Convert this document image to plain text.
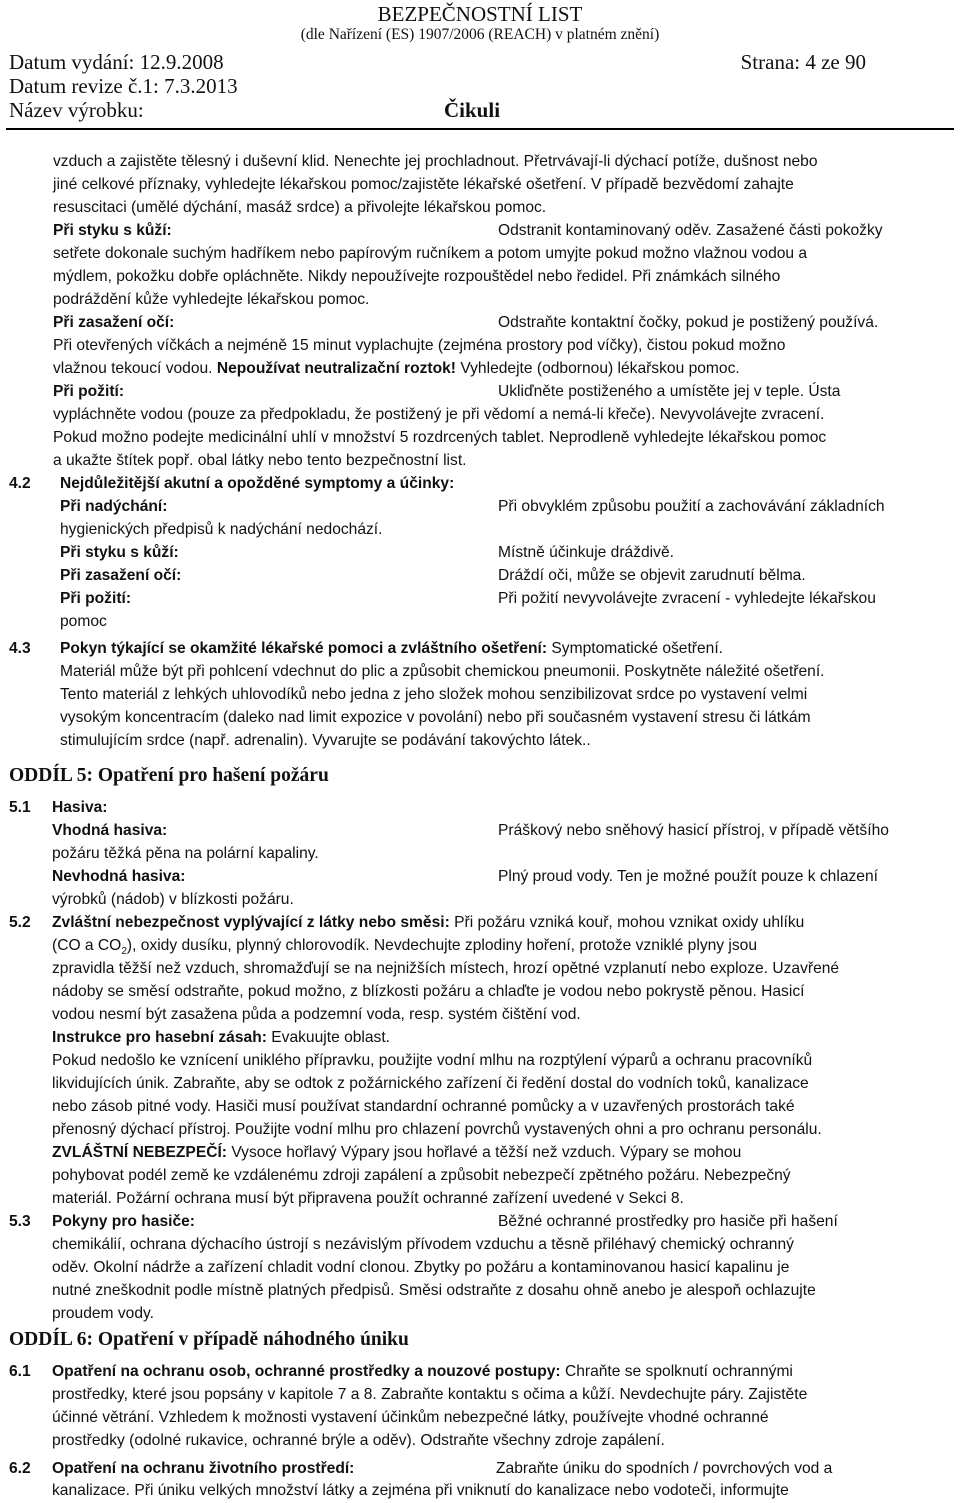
BEZPEČNOSTNÍ LIST
(dle Nařízení (ES) 1907/2006 (REACH) v platném znění)
Datum vydání: 12.9.2008	Strana: 4 ze 90
Datum revize č.1: 7.3.2013
Název výrobku:	Čikuli
vzduch a zajistěte tělesný i duševní klid. Nenechte jej prochladnout. Přetrvávají-li dýchací potíže, dušnost nebo
jiné celkové příznaky, vyhledejte lékařskou pomoc/zajistěte lékařské ošetření. V případě bezvědomí zahajte
resuscitaci (umělé dýchání, masáž srdce) a přivolejte lékařskou pomoc.
Při styku s kůží:	Odstranit kontaminovaný oděv. Zasažené části pokožky
setřete dokonale suchým hadříkem nebo papírovým ručníkem a potom umyjte pokud možno vlažnou vodou a
mýdlem, pokožku dobře opláchněte. Nikdy nepoužívejte rozpouštědel nebo ředidel. Při známkách silného
podráždění kůže vyhledejte lékařskou pomoc.
Při zasažení očí:	Odstraňte kontaktní čočky, pokud je postižený používá.
Při otevřených víčkách a nejméně 15 minut vyplachujte (zejména prostory pod víčky), čistou pokud možno
vlažnou tekoucí vodou. Nepoužívat neutralizační roztok! Vyhledejte (odbornou) lékařskou pomoc.
Při požití:	Ukliďněte postiženého a umístěte jej v teple. Ústa
vypláchněte vodou (pouze za předpokladu, že postižený je při vědomí a nemá-li křeče). Nevyvolávejte zvracení.
Pokud možno podejte medicinální uhlí v množství 5 rozdrcených tablet. Neprodleně vyhledejte lékařskou pomoc
a ukažte štítek popř. obal látky nebo tento bezpečnostní list.
4.2 Nejdůležitější akutní a opožděné symptomy a účinky:
Při nadýchání:	Při obvyklém způsobu použití a zachovávání základních
hygienických předpisů k nadýchání nedochází.
Při styku s kůží:	Místně účinkuje dráždivě.
Při zasažení očí:	Dráždí oči, může se objevit zarudnutí bělma.
Při požití:	Při požití nevyvolávejte zvracení - vyhledejte lékařskou
pomoc
4.3 Pokyn týkající se okamžité lékařské pomoci a zvláštního ošetření: Symptomatické ošetření.
Materiál může být při pohlcení vdechnut do plic a způsobit chemickou pneumonii. Poskytněte náležité ošetření.
Tento materiál z lehkých uhlovodíků nebo jedna z jeho složek mohou senzibilizovat srdce po vystavení velmi
vysokým koncentracím (daleko nad limit expozice v povolání) nebo při současném vystavení stresu či látkám
stimulujícím srdce (např. adrenalin). Vyvarujte se podávání takovýchto látek..
ODDÍL 5: Opatření pro hašení požáru
5.1 Hasiva:
Vhodná hasiva:	Práškový nebo sněhový hasicí přístroj, v případě většího
požáru těžká pěna na polární kapaliny.
Nevhodná hasiva:	Plný proud vody. Ten je možné použít pouze k chlazení
výrobků (nádob) v blízkosti požáru.
5.2 Zvláštní nebezpečnost vyplývající z látky nebo směsi: Při požáru vzniká kouř, mohou vznikat oxidy uhlíku
(CO a $CO_2$), oxidy dusíku, plynný chlorovodík. Nevdechujte zplodiny hoření, protože vzniklé plyny jsou
zpravidla těžší než vzduch, shromažďují se na nejnižších místech, hrozí opětné vzplanutí nebo exploze. Uzavřené
nádoby se směsí odstraňte, pokud možno, z blízkosti požáru a chlaďte je vodou nebo pokrystě pěnou. Hasicí
vodou nesmí být zasažena půda a podzemní voda, resp. systém čištění vod.
Instrukce pro hasební zásah: Evakuujte oblast.
Pokud nedošlo ke vznícení uniklého přípravku, použijte vodní mlhu na rozptýlení výparů a ochranu pracovníků
likvidujících únik. Zabraňte, aby se odtok z požárnického zařízení či ředění dostal do vodních toků, kanalizace
nebo zásob pitné vody. Hasiči musí používat standardní ochranné pomůcky a v uzavřených prostorách také
přenosný dýchací přístroj. Použijte vodní mlhu pro chlazení povrchů vystavených ohni a pro ochranu personálu.
ZVLÁŠTNÍ NEBEZPEČÍ: Vysoce hořlavý Výpary jsou hořlavé a těžší než vzduch. Výpary se mohou
pohybovat podél země ke vzdálenému zdroji zapálení a způsobit nebezpečí zpětného požáru. Nebezpečný
materiál. Požární ochrana musí být připravena použít ochranné zařízení uvedené v Sekci 8.
5.3 Pokyny pro hasiče:	Běžné ochranné prostředky pro hasiče při hašení
chemikálií, ochrana dýchacího ústrojí s nezávislým přívodem vzduchu a těsně přiléhavý chemický ochranný
oděv. Okolní nádrže a zařízení chladit vodní clonou. Zbytky po požáru a kontaminovanou hasicí kapalinu je
nutné zneškodnit podle místně platných předpisů. Směsi odstraňte z dosahu ohně anebo je alespoň ochlazujte
proudem vody.
ODDÍL 6: Opatření v případě náhodného úniku
6.1 Opatření na ochranu osob, ochranné prostředky a nouzové postupy: Chraňte se spolknutí ochrannými
prostředky, které jsou popsány v kapitole 7 a 8. Zabraňte kontaktu s očima a kůží. Nevdechujte páry. Zajistěte
účinné větrání. Vzhledem k možnosti vystavení účinkům nebezpečné látky, používejte vhodné ochranné
prostředky (odolné rukavice, ochranné brýle a oděv). Odstraňte všechny zdroje zapálení.
6.2 Opatření na ochranu životního prostředí:	Zabraňte úniku do spodních / povrchových vod a
kanalizace. Při úniku velkých množství látky a zejména při vniknutí do kanalizace nebo vodoteči, informujte
